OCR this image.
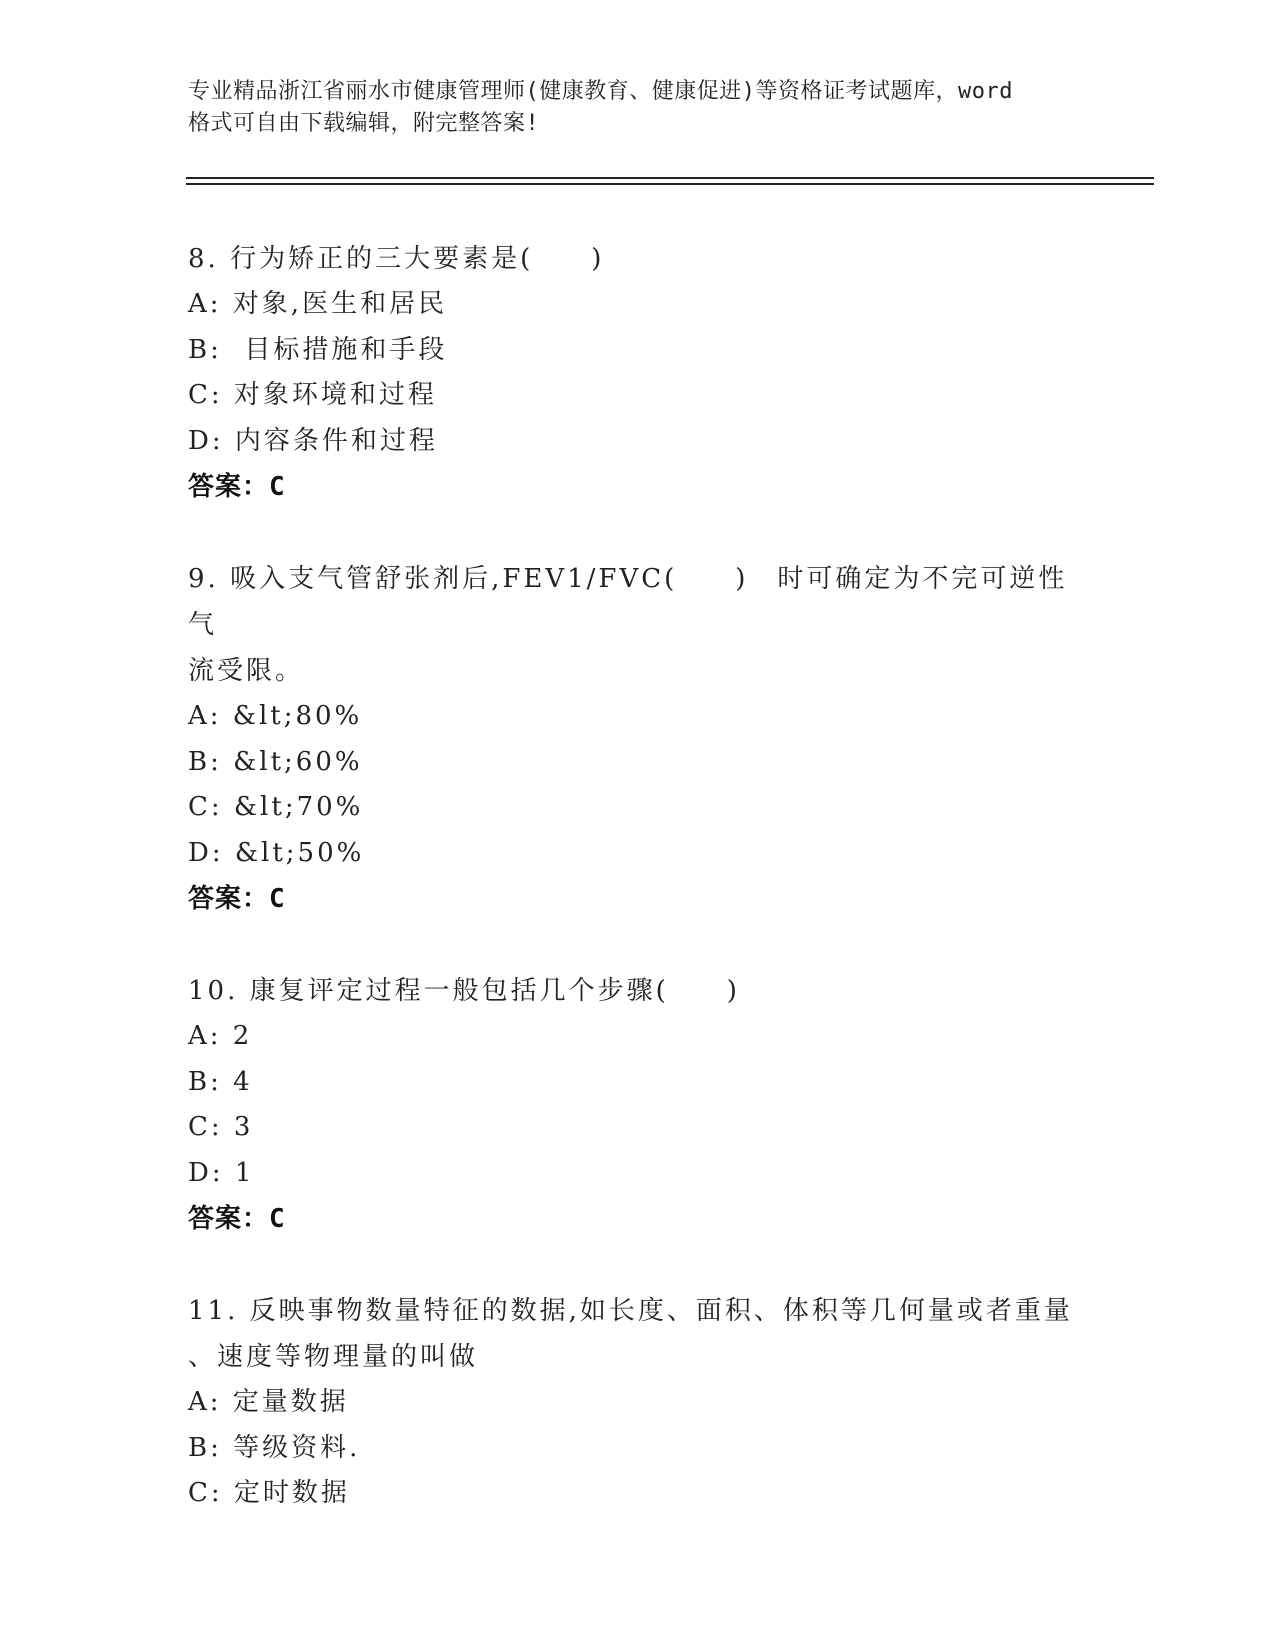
专业精品浙江省丽水市健康管理师(健康教育、健康促进)等资格证考试题库，word
格式可自由下载编辑，附完整答案!

8. 行为矫正的三大要素是(　　)

A: 对象,医生和居民
B:  目标措施和手段
C: 对象环境和过程
D: 内容条件和过程
答案：C

9. 吸入支气管舒张剂后,FEV1/FVC(　　)　时可确定为不完可逆性气
流受限。

A: &lt;80%
B: &lt;60%
C: &lt;70%
D: &lt;50%
答案：C

10. 康复评定过程一般包括几个步骤(　　)

A: 2
B: 4
C: 3
D: 1
答案：C

11. 反映事物数量特征的数据,如长度、面积、体积等几何量或者重量
、速度等物理量的叫做

A: 定量数据
B: 等级资料.
C: 定时数据
